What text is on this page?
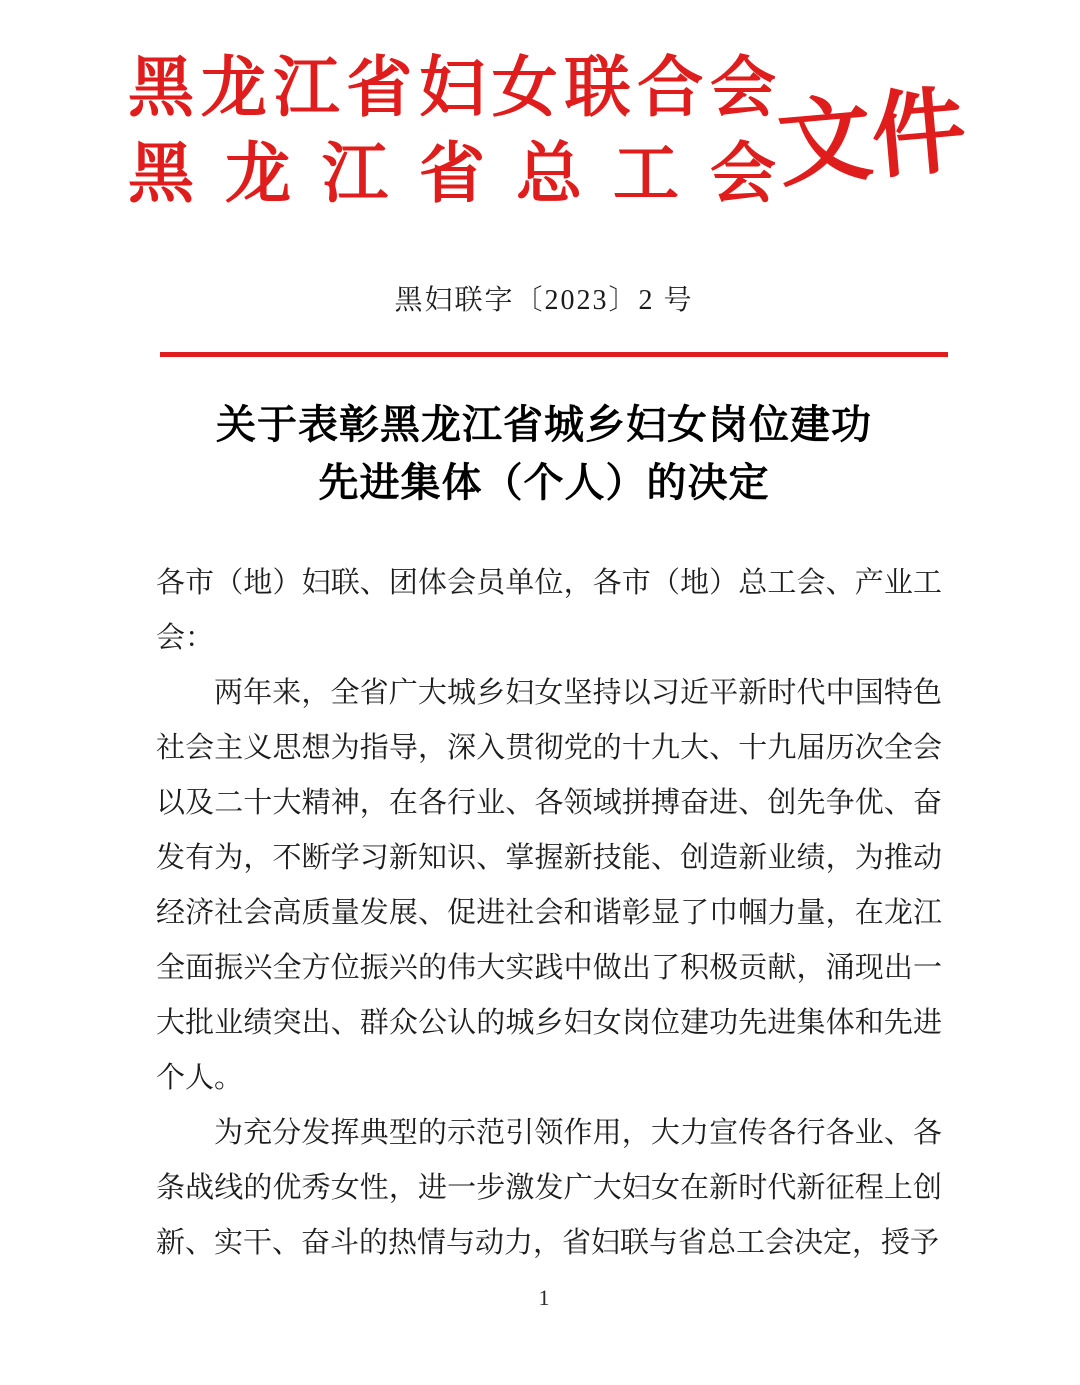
黑龙江省妇女联合会
黑龙江省总工会
文件
黑妇联字〔2023〕2 号
关于表彰黑龙江省城乡妇女岗位建功
先进集体（个人）的决定

各市（地）妇联、团体会员单位，各市（地）总工会、产业工会：

两年来，全省广大城乡妇女坚持以习近平新时代中国特色社会主义思想为指导，深入贯彻党的十九大、十九届历次全会以及二十大精神，在各行业、各领域拼搏奋进、创先争优、奋发有为，不断学习新知识、掌握新技能、创造新业绩，为推动经济社会高质量发展、促进社会和谐彰显了巾帼力量，在龙江全面振兴全方位振兴的伟大实践中做出了积极贡献，涌现出一大批业绩突出、群众公认的城乡妇女岗位建功先进集体和先进个人。

为充分发挥典型的示范引领作用，大力宣传各行各业、各条战线的优秀女性，进一步激发广大妇女在新时代新征程上创新、实干、奋斗的热情与动力，省妇联与省总工会决定，授予

1
